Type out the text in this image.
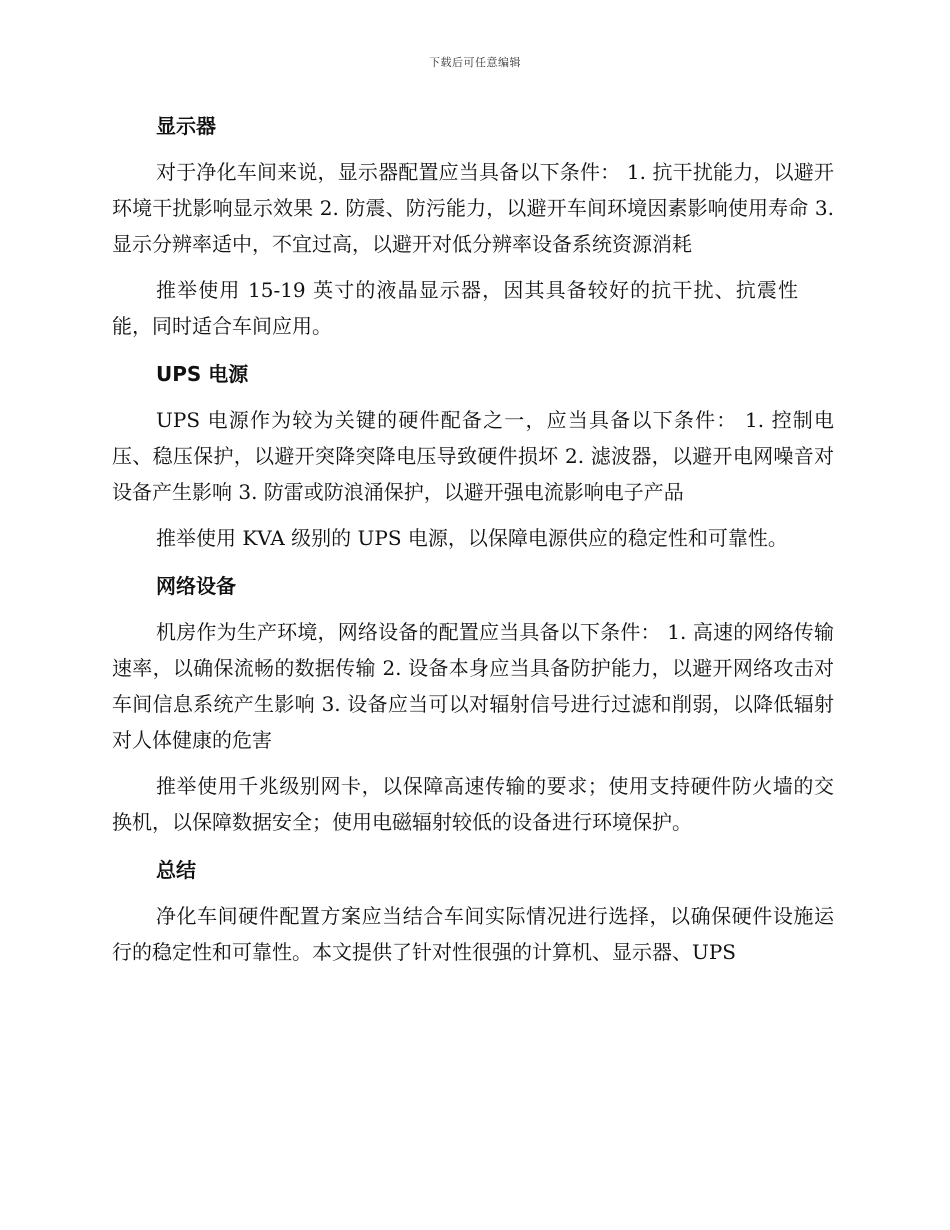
下载后可任意编辑
显示器

对于净化车间来说，显示器配置应当具备以下条件： 1. 抗干扰能力，以避开环境干扰影响显示效果 2. 防震、防污能力，以避开车间环境因素影响使用寿命 3. 显示分辨率适中，不宜过高，以避开对低分辨率设备系统资源消耗

推举使用 15-19 英寸的液晶显示器，因其具备较好的抗干扰、抗震性能，同时适合车间应用。

UPS 电源

UPS 电源作为较为关键的硬件配备之一，应当具备以下条件： 1. 控制电压、稳压保护，以避开突降突降电压导致硬件损坏 2. 滤波器，以避开电网噪音对设备产生影响 3. 防雷或防浪涌保护，以避开强电流影响电子产品

推举使用 KVA 级别的 UPS 电源，以保障电源供应的稳定性和可靠性。

网络设备

机房作为生产环境，网络设备的配置应当具备以下条件： 1. 高速的网络传输速率，以确保流畅的数据传输 2. 设备本身应当具备防护能力，以避开网络攻击对车间信息系统产生影响 3. 设备应当可以对辐射信号进行过滤和削弱，以降低辐射对人体健康的危害

推举使用千兆级别网卡，以保障高速传输的要求；使用支持硬件防火墙的交换机，以保障数据安全；使用电磁辐射较低的设备进行环境保护。

总结

净化车间硬件配置方案应当结合车间实际情况进行选择，以确保硬件设施运行的稳定性和可靠性。本文提供了针对性很强的计算机、显示器、UPS
